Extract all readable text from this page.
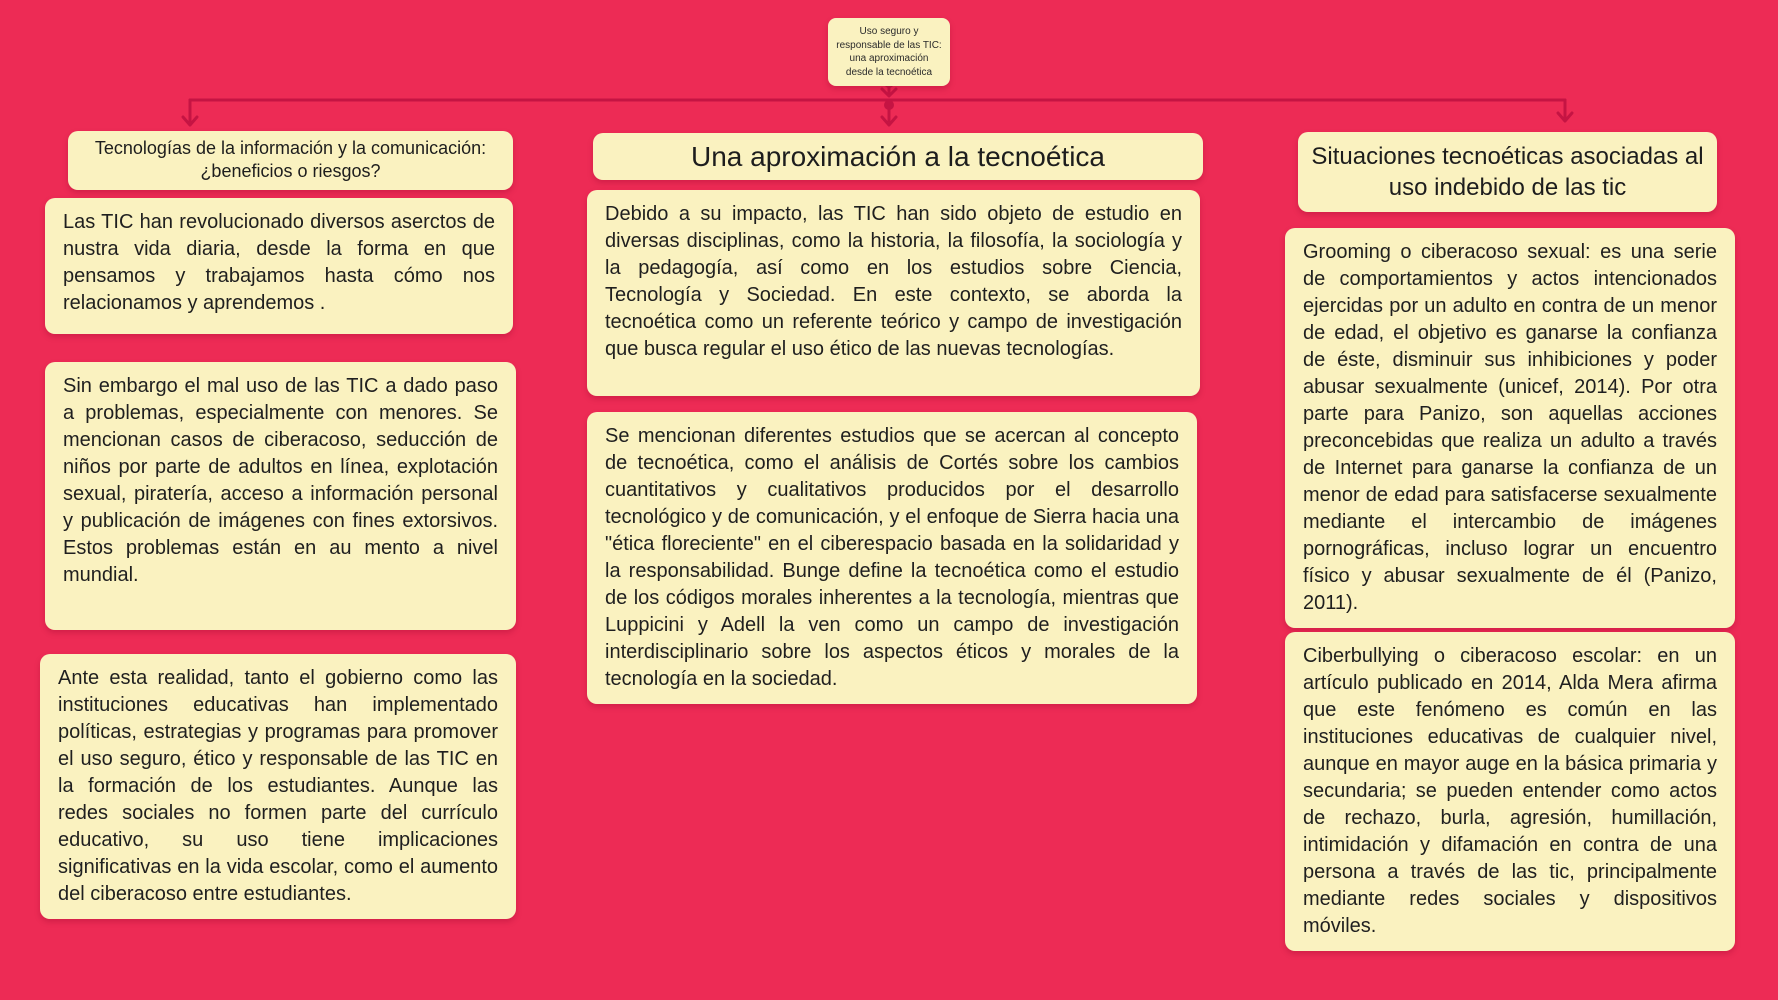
Uso seguro y responsable de las TIC: una aproximación desde la tecnoética
Tecnologías de la información y la comunicación: ¿beneficios o riesgos?
Las TIC han revolucionado diversos aserctos de nustra vida diaria, desde la forma en que pensamos y trabajamos hasta cómo nos relacionamos y aprendemos .
Sin embargo el mal uso de las TIC a dado paso a problemas, especialmente con menores. Se mencionan casos de ciberacoso, seducción de niños por parte de adultos en línea, explotación sexual, piratería, acceso a información personal y publicación de imágenes con fines extorsivos. Estos problemas están en au mento a nivel mundial.
Ante esta realidad, tanto el gobierno como las instituciones educativas han implementado políticas, estrategias y programas para promover el uso seguro, ético y responsable de las TIC en la formación de los estudiantes. Aunque las redes sociales no formen parte del currículo educativo, su uso tiene implicaciones significativas en la vida escolar, como el aumento del ciberacoso entre estudiantes.
Una aproximación a la tecnoética
Debido a su impacto, las TIC han sido objeto de estudio en diversas disciplinas, como la historia, la filosofía, la sociología y la pedagogía, así como en los estudios sobre Ciencia, Tecnología y Sociedad. En este contexto, se aborda la tecnoética como un referente teórico y campo de investigación que busca regular el uso ético de las nuevas tecnologías.
Se mencionan diferentes estudios que se acercan al concepto de tecnoética, como el análisis de Cortés sobre los cambios cuantitativos y cualitativos producidos por el desarrollo tecnológico y de comunicación, y el enfoque de Sierra hacia una "ética floreciente" en el ciberespacio basada en la solidaridad y la responsabilidad. Bunge define la tecnoética como el estudio de los códigos morales inherentes a la tecnología, mientras que Luppicini y Adell la ven como un campo de investigación interdisciplinario sobre los aspectos éticos y morales de la tecnología en la sociedad.
Situaciones tecnoéticas asociadas al uso indebido de las tic
Grooming o ciberacoso sexual: es una serie de comportamientos y actos intencionados ejercidas por un adulto en contra de un menor de edad, el objetivo es ganarse la confianza de éste, disminuir sus inhibiciones y poder abusar sexualmente (unicef, 2014). Por otra parte para Panizo, son aquellas acciones preconcebidas que realiza un adulto a través de Internet para ganarse la confianza de un menor de edad para satisfacerse sexualmente mediante el intercambio de imágenes pornográficas, incluso lograr un encuentro físico y abusar sexualmente de él (Panizo, 2011).
Ciberbullying o ciberacoso escolar: en un artículo publicado en 2014, Alda Mera afirma que este fenómeno es común en las instituciones educativas de cualquier nivel, aunque en mayor auge en la básica primaria y secundaria; se pueden entender como actos de rechazo, burla, agresión, humillación, intimidación y difamación en contra de una persona a través de las tic, principalmente mediante redes sociales y dispositivos móviles.
